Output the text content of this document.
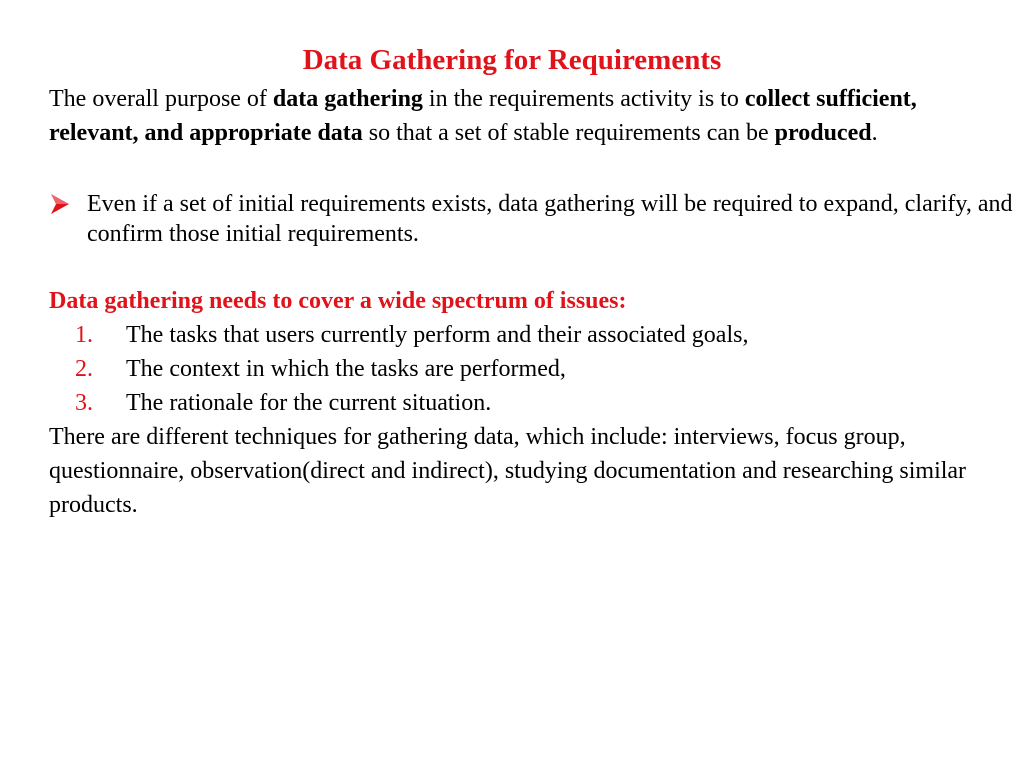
Data Gathering for Requirements

The overall purpose of data gathering in the requirements activity is to collect sufficient, relevant, and appropriate data so that a set of stable requirements can be produced.

Even if a set of initial requirements exists, data gathering will be required to expand, clarify, and confirm those initial requirements.
Data gathering needs to cover a wide spectrum of issues:
1. The tasks that users currently perform and their associated goals,
2. The context in which the tasks are performed,
3. The rationale for the current situation.

There are different techniques for gathering data, which include: interviews, focus group, questionnaire, observation(direct and indirect), studying documentation and researching similar products.
